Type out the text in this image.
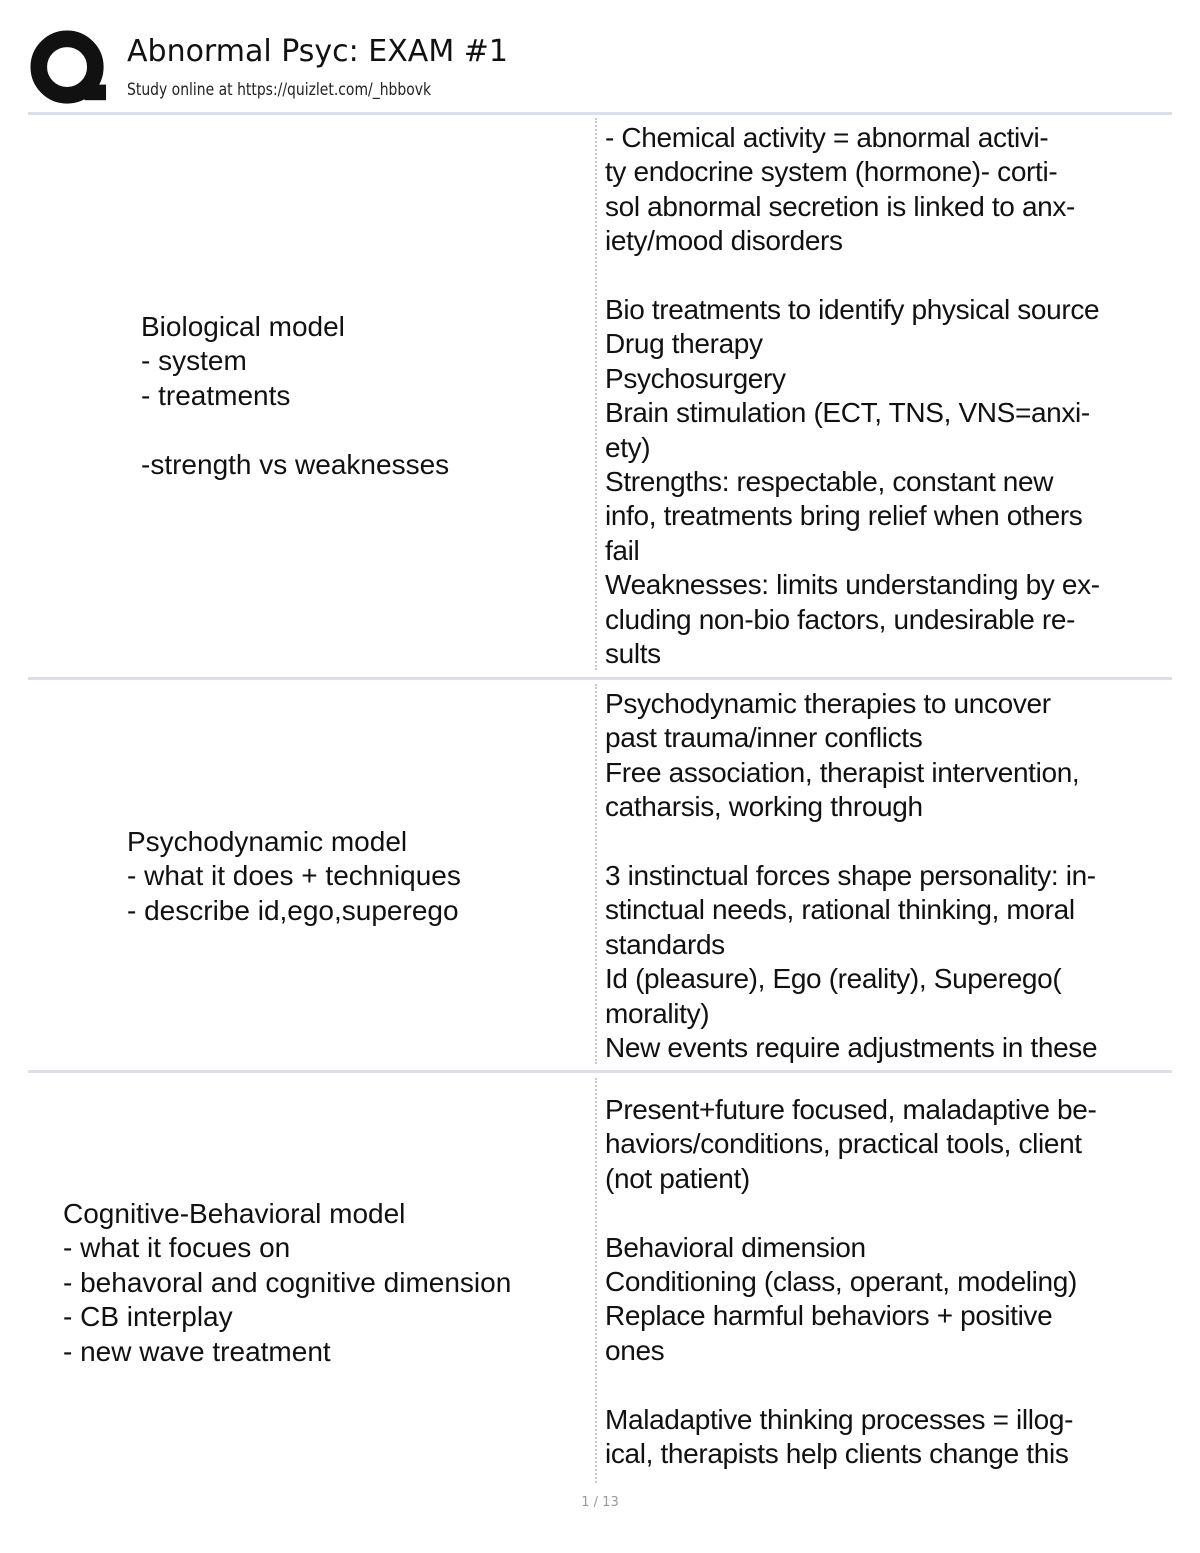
Abnormal Psyc: EXAM #1
Study online at https://quizlet.com/_hbbovk
Biological model
- system
- treatments

-strength vs weaknesses
- Chemical activity = abnormal activi-
ty endocrine system (hormone)- corti-
sol abnormal secretion is linked to anx-
iety/mood disorders

Bio treatments to identify physical source
Drug therapy
Psychosurgery
Brain stimulation (ECT, TNS, VNS=anxi-
ety)
Strengths: respectable, constant new
info, treatments bring relief when others
fail
Weaknesses: limits understanding by ex-
cluding non-bio factors, undesirable re-
sults
Psychodynamic model
- what it does + techniques
- describe id,ego,superego
Psychodynamic therapies to uncover
past trauma/inner conflicts
Free association, therapist intervention,
catharsis, working through

3 instinctual forces shape personality: in-
stinctual needs, rational thinking, moral
standards
Id (pleasure), Ego (reality), Superego(
morality)
New events require adjustments in these
Cognitive-Behavioral model
- what it focues on
- behavoral and cognitive dimension
- CB interplay
- new wave treatment
Present+future focused, maladaptive be-
haviors/conditions, practical tools, client
(not patient)

Behavioral dimension
Conditioning (class, operant, modeling)
Replace harmful behaviors + positive
ones

Maladaptive thinking processes = illog-
ical, therapists help clients change this
1 / 13
